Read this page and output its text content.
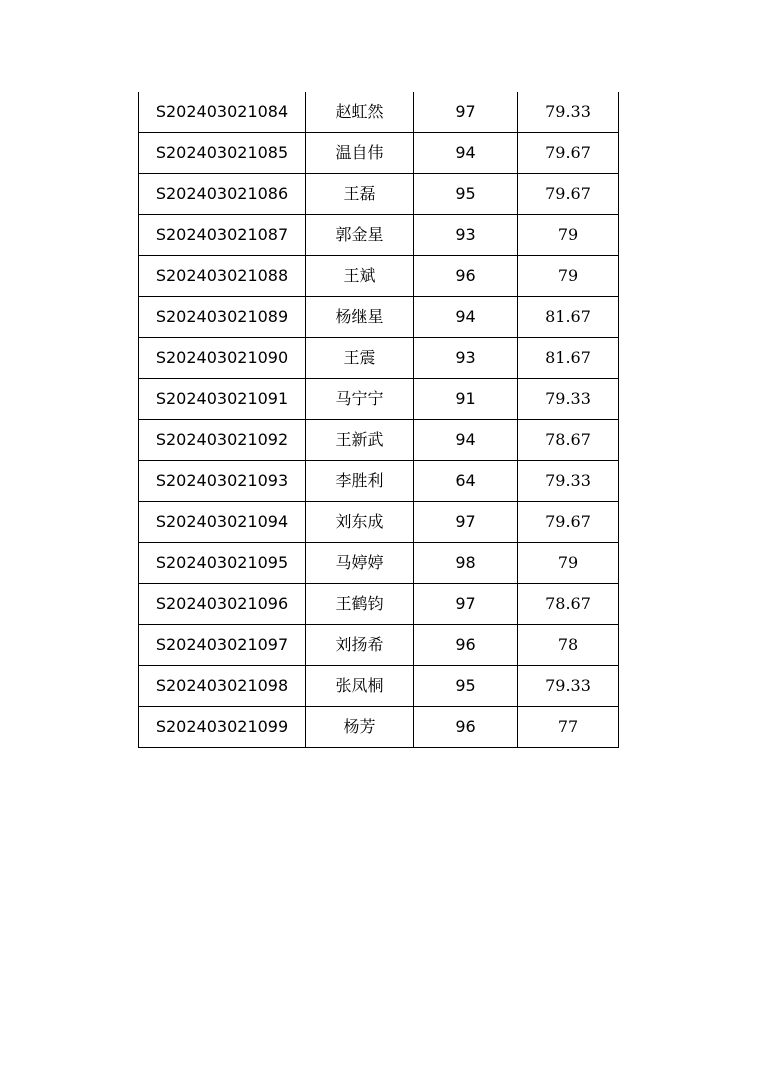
S202403021084	赵虹然	97	79.33
S202403021085	温自伟	94	79.67
S202403021086	王磊	95	79.67
S202403021087	郭金星	93	79
S202403021088	王斌	96	79
S202403021089	杨继星	94	81.67
S202403021090	王震	93	81.67
S202403021091	马宁宁	91	79.33
S202403021092	王新武	94	78.67
S202403021093	李胜利	64	79.33
S202403021094	刘东成	97	79.67
S202403021095	马婷婷	98	79
S202403021096	王鹤钧	97	78.67
S202403021097	刘扬希	96	78
S202403021098	张凤桐	95	79.33
S202403021099	杨芳	96	77
